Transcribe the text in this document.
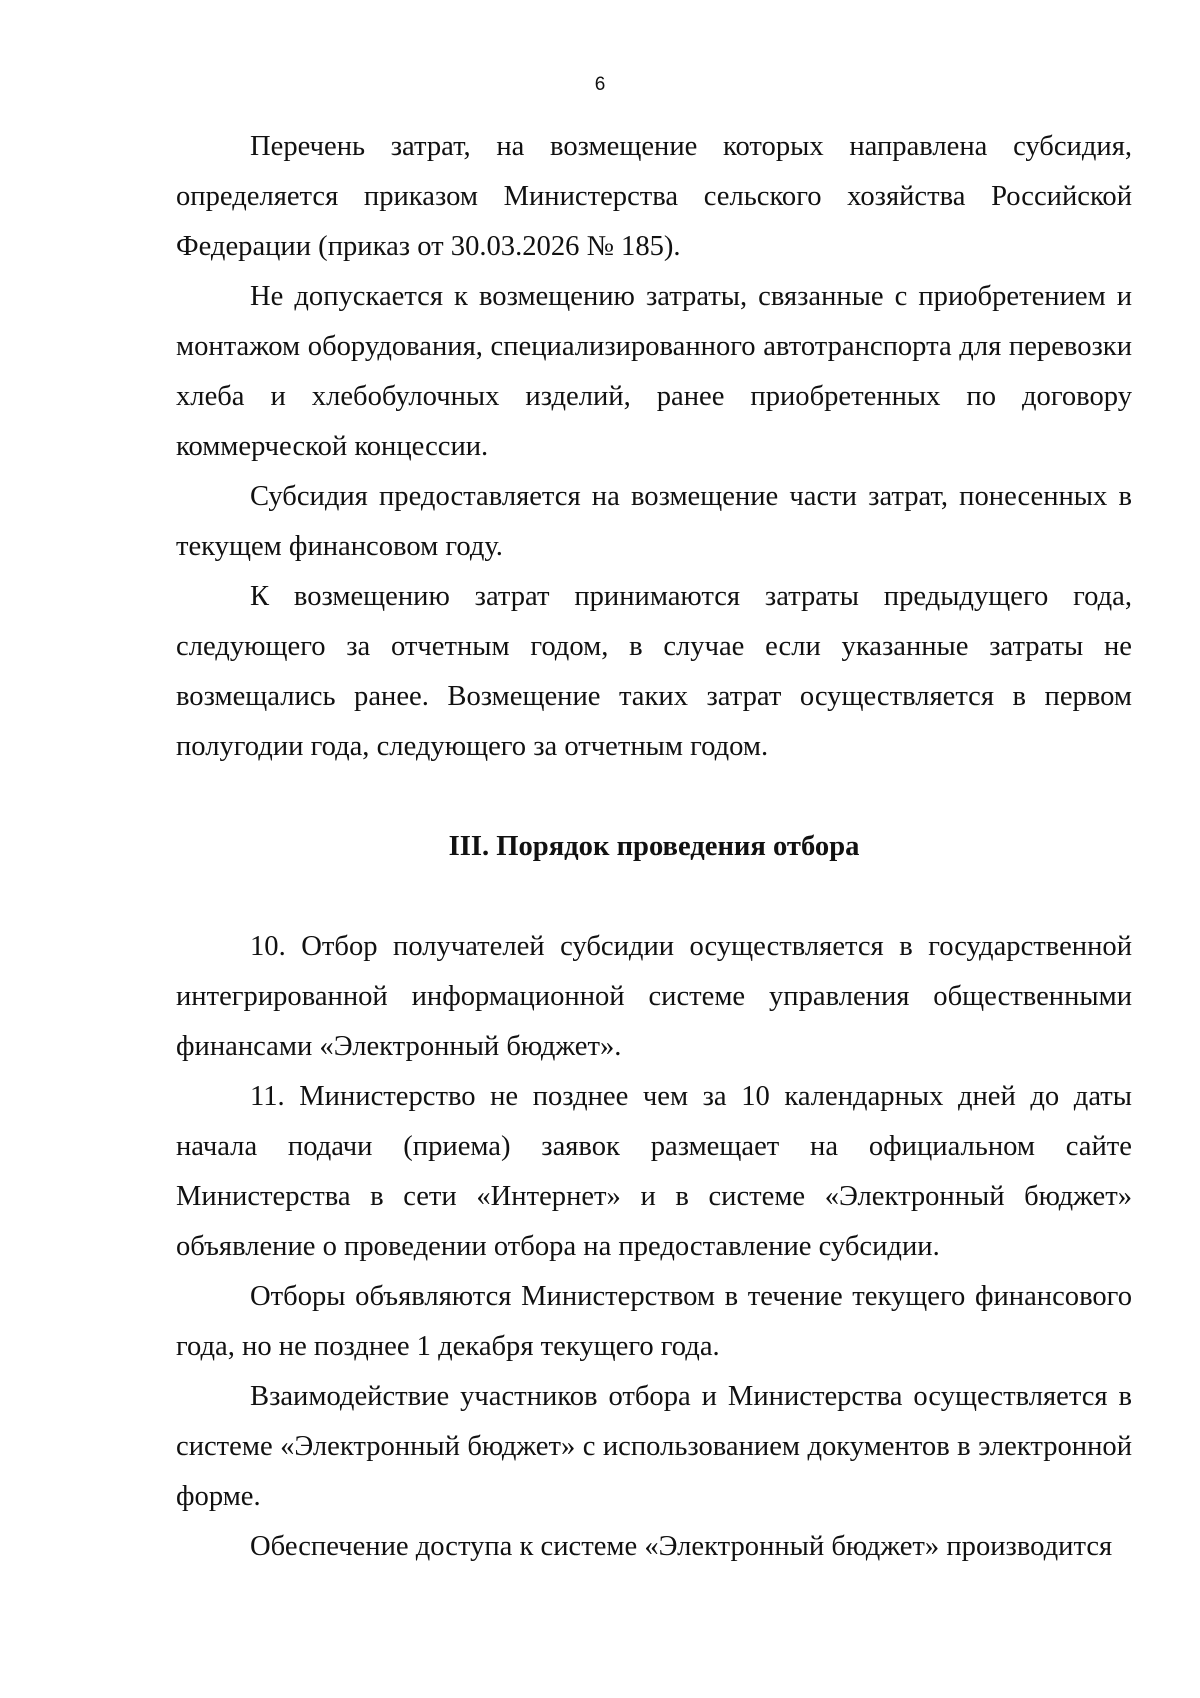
6

Перечень затрат, на возмещение которых направлена субсидия, определяется приказом Министерства сельского хозяйства Российской Федерации (приказ от 30.03.2026 № 185).

Не допускается к возмещению затраты, связанные с приобретением и монтажом оборудования, специализированного автотранспорта для перевозки хлеба и хлебобулочных изделий, ранее приобретенных по договору коммерческой концессии.

Субсидия предоставляется на возмещение части затрат, понесенных в текущем финансовом году.

К возмещению затрат принимаются затраты предыдущего года, следующего за отчетным годом, в случае если указанные затраты не возмещались ранее. Возмещение таких затрат осуществляется в первом полугодии года, следующего за отчетным годом.

III. Порядок проведения отбора

10. Отбор получателей субсидии осуществляется в государственной интегрированной информационной системе управления общественными финансами «Электронный бюджет».

11. Министерство не позднее чем за 10 календарных дней до даты начала подачи (приема) заявок размещает на официальном сайте Министерства в сети «Интернет» и в системе «Электронный бюджет» объявление о проведении отбора на предоставление субсидии.

Отборы объявляются Министерством в течение текущего финансового года, но не позднее 1 декабря текущего года.

Взаимодействие участников отбора и Министерства осуществляется в системе «Электронный бюджет» с использованием документов в электронной форме.

Обеспечение доступа к системе «Электронный бюджет» производится
